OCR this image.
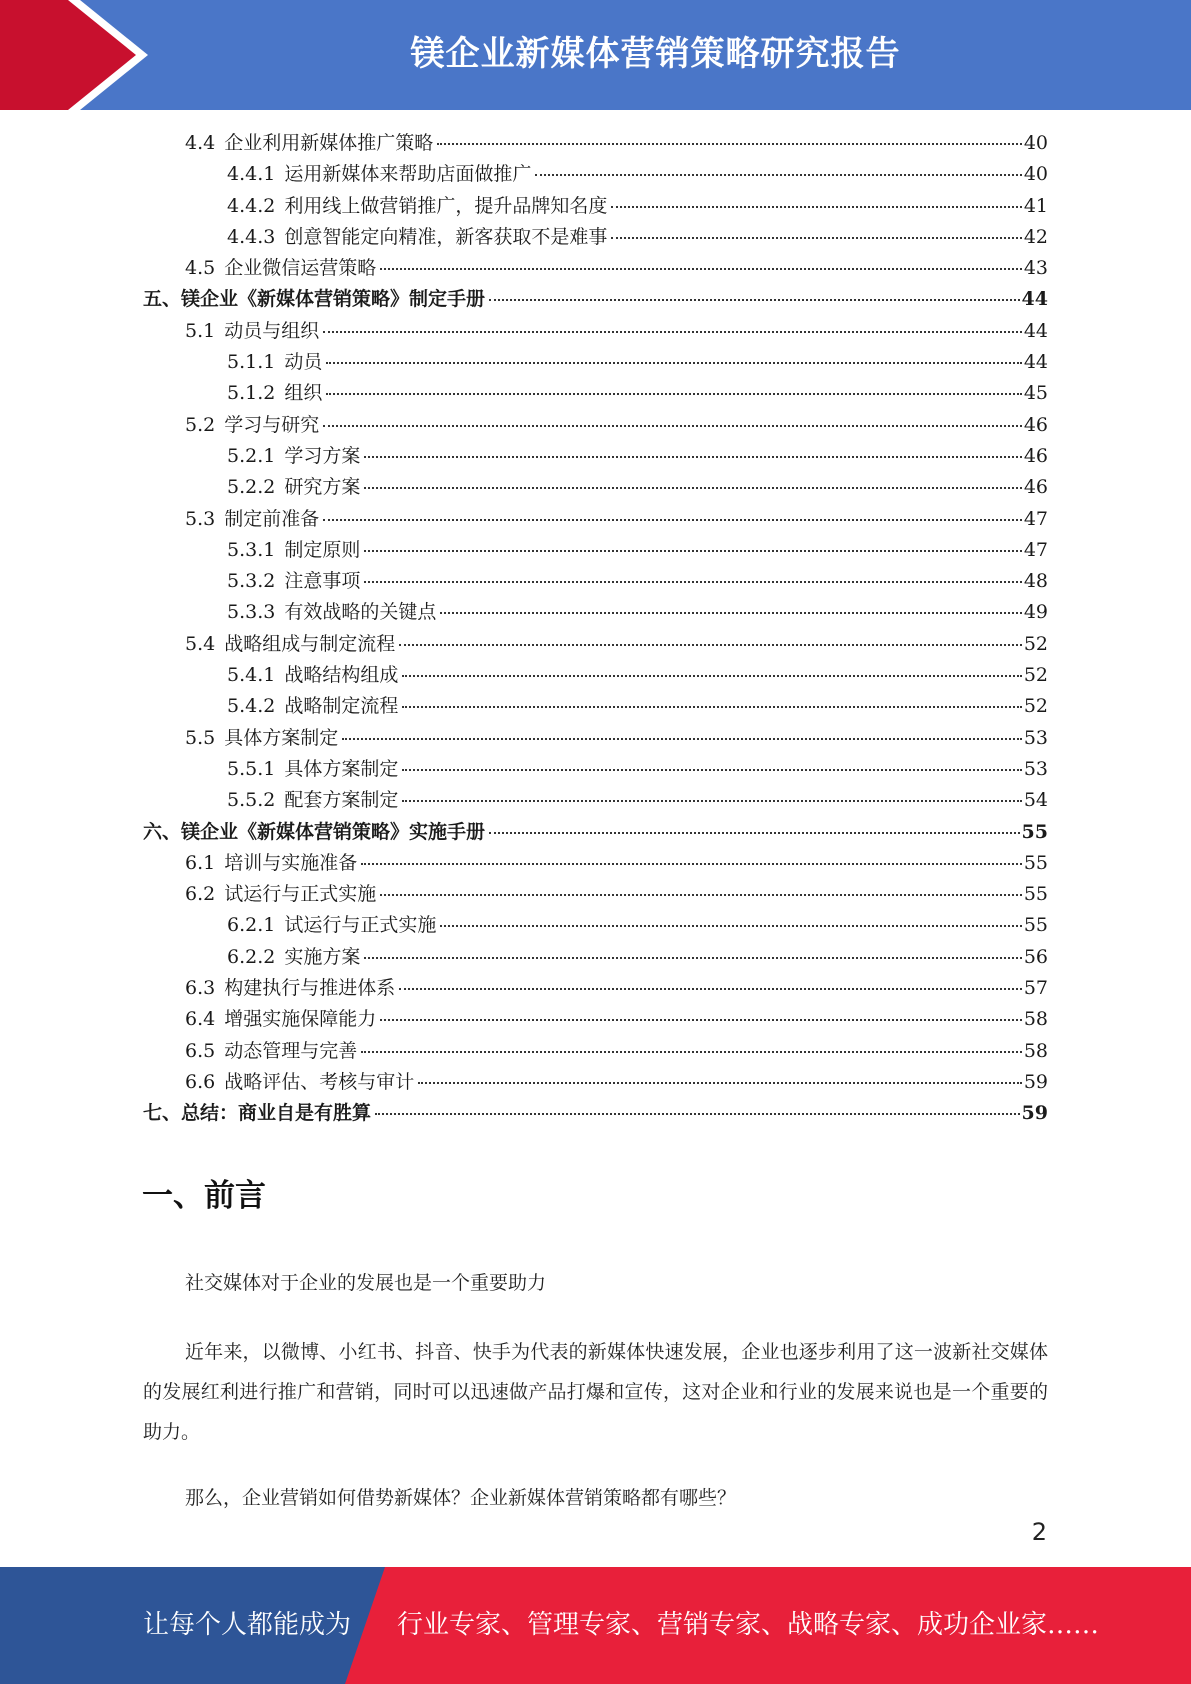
镁企业新媒体营销策略研究报告
4.4 企业利用新媒体推广策略	40
4.4.1 运用新媒体来帮助店面做推广	40
4.4.2 利用线上做营销推广，提升品牌知名度	41
4.4.3 创意智能定向精准，新客获取不是难事	42
4.5 企业微信运营策略	43
五、镁企业《新媒体营销策略》制定手册	44
5.1 动员与组织	44
5.1.1 动员	44
5.1.2 组织	45
5.2 学习与研究	46
5.2.1 学习方案	46
5.2.2 研究方案	46
5.3 制定前准备	47
5.3.1 制定原则	47
5.3.2 注意事项	48
5.3.3 有效战略的关键点	49
5.4 战略组成与制定流程	52
5.4.1 战略结构组成	52
5.4.2 战略制定流程	52
5.5 具体方案制定	53
5.5.1 具体方案制定	53
5.5.2 配套方案制定	54
六、镁企业《新媒体营销策略》实施手册	55
6.1 培训与实施准备	55
6.2 试运行与正式实施	55
6.2.1 试运行与正式实施	55
6.2.2 实施方案	56
6.3 构建执行与推进体系	57
6.4 增强实施保障能力	58
6.5 动态管理与完善	58
6.6 战略评估、考核与审计	59
七、总结：商业自是有胜算	59
一、前言

社交媒体对于企业的发展也是一个重要助力

近年来，以微博、小红书、抖音、快手为代表的新媒体快速发展，企业也逐步利用了这一波新社交媒体的发展红利进行推广和营销，同时可以迅速做产品打爆和宣传，这对企业和行业的发展来说也是一个重要的助力。

那么，企业营销如何借势新媒体？企业新媒体营销策略都有哪些？

2
让每个人都能成为 行业专家、管理专家、营销专家、战略专家、成功企业家……
